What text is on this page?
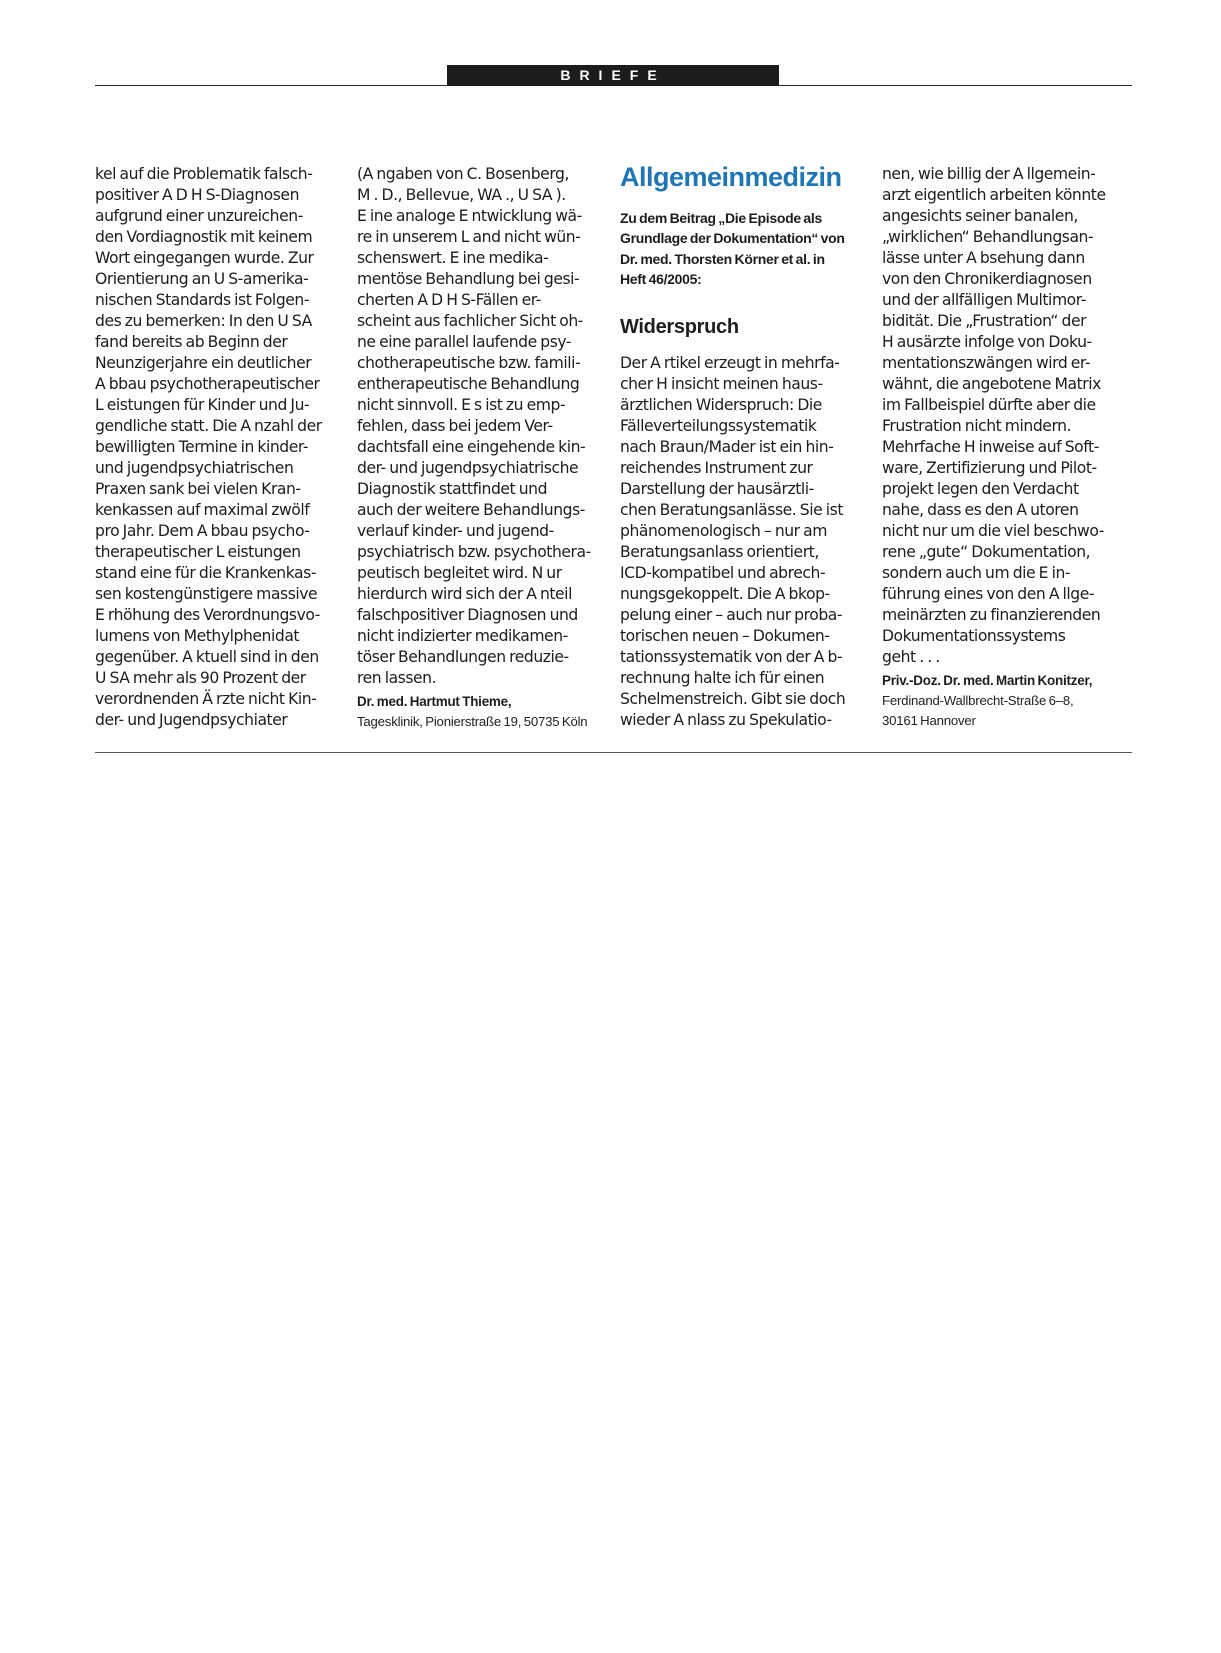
BRIEFE
kel auf die Problematik falsch-
positiver A D H S-Diagnosen
aufgrund einer unzureichen-
den Vordiagnostik mit keinem
Wort eingegangen wurde. Zur
Orientierung an U S-amerika-
nischen Standards ist Folgen-
des zu bemerken: In den U SA
fand bereits ab Beginn der
Neunzigerjahre ein deutlicher
A bbau psychotherapeutischer
L eistungen für Kinder und Ju-
gendliche statt. Die A nzahl der
bewilligten Termine in kinder-
und jugendpsychiatrischen
Praxen sank bei vielen Kran-
kenkassen auf maximal zwölf
pro Jahr. Dem A bbau psycho-
therapeutischer L eistungen
stand eine für die Krankenkas-
sen kostengünstigere massive
E rhöhung des Verordnungsvo-
lumens von Methylphenidat
gegenüber. A ktuell sind in den
U SA mehr als 90 Prozent der
verordnenden Ä rzte nicht Kin-
der- und Jugendpsychiater
(A ngaben von C. Bosenberg,
M . D., Bellevue, WA ., U SA ).
E ine analoge E ntwicklung wä-
re in unserem L and nicht wün-
schenswert. E ine medika-
mentöse Behandlung bei gesi-
cherten A D H S-Fällen er-
scheint aus fachlicher Sicht oh-
ne eine parallel laufende psy-
chotherapeutische bzw. famili-
entherapeutische Behandlung
nicht sinnvoll. E s ist zu emp-
fehlen, dass bei jedem Ver-
dachtsfall eine eingehende kin-
der- und jugendpsychiatrische
Diagnostik stattfindet und
auch der weitere Behandlungs-
verlauf kinder- und jugend-
psychiatrisch bzw. psychothera-
peutisch begleitet wird. N ur
hierdurch wird sich der A nteil
falschpositiver Diagnosen und
nicht indizierter medikamen-
töser Behandlungen reduzie-
ren lassen.
Dr. med. Hartmut Thieme,
Tagesklinik, Pionierstraße 19, 50735 Köln
Allgemeinmedizin
Zu dem Beitrag „Die Episode als
Grundlage der Dokumentation“ von
Dr. med. Thorsten Körner et al. in
Heft 46/2005:
Widerspruch
Der A rtikel erzeugt in mehrfa-
cher H insicht meinen haus-
ärztlichen Widerspruch: Die
Fälleverteilungssystematik
nach Braun/Mader ist ein hin-
reichendes Instrument zur
Darstellung der hausärztli-
chen Beratungsanlässe. Sie ist
phänomenologisch – nur am
Beratungsanlass orientiert,
ICD-kompatibel und abrech-
nungsgekoppelt. Die A bkop-
pelung einer – auch nur proba-
torischen neuen – Dokumen-
tationssystematik von der A b-
rechnung halte ich für einen
Schelmenstreich. Gibt sie doch
wieder A nlass zu Spekulatio-
nen, wie billig der A llgemein-
arzt eigentlich arbeiten könnte
angesichts seiner banalen,
„wirklichen“ Behandlungsan-
lässe unter A bsehung dann
von den Chronikerdiagnosen
und der allfälligen Multimor-
bidität. Die „Frustration“ der
H ausärzte infolge von Doku-
mentationszwängen wird er-
wähnt, die angebotene Matrix
im Fallbeispiel dürfte aber die
Frustration nicht mindern.
Mehrfache H inweise auf Soft-
ware, Zertifizierung und Pilot-
projekt legen den Verdacht
nahe, dass es den A utoren
nicht nur um die viel beschwo-
rene „gute“ Dokumentation,
sondern auch um die E in-
führung eines von den A llge-
meinärzten zu finanzierenden
Dokumentationssystems
geht . . .
Priv.-Doz. Dr. med. Martin Konitzer,
Ferdinand-Wallbrecht-Straße 6–8,
30161 Hannover
